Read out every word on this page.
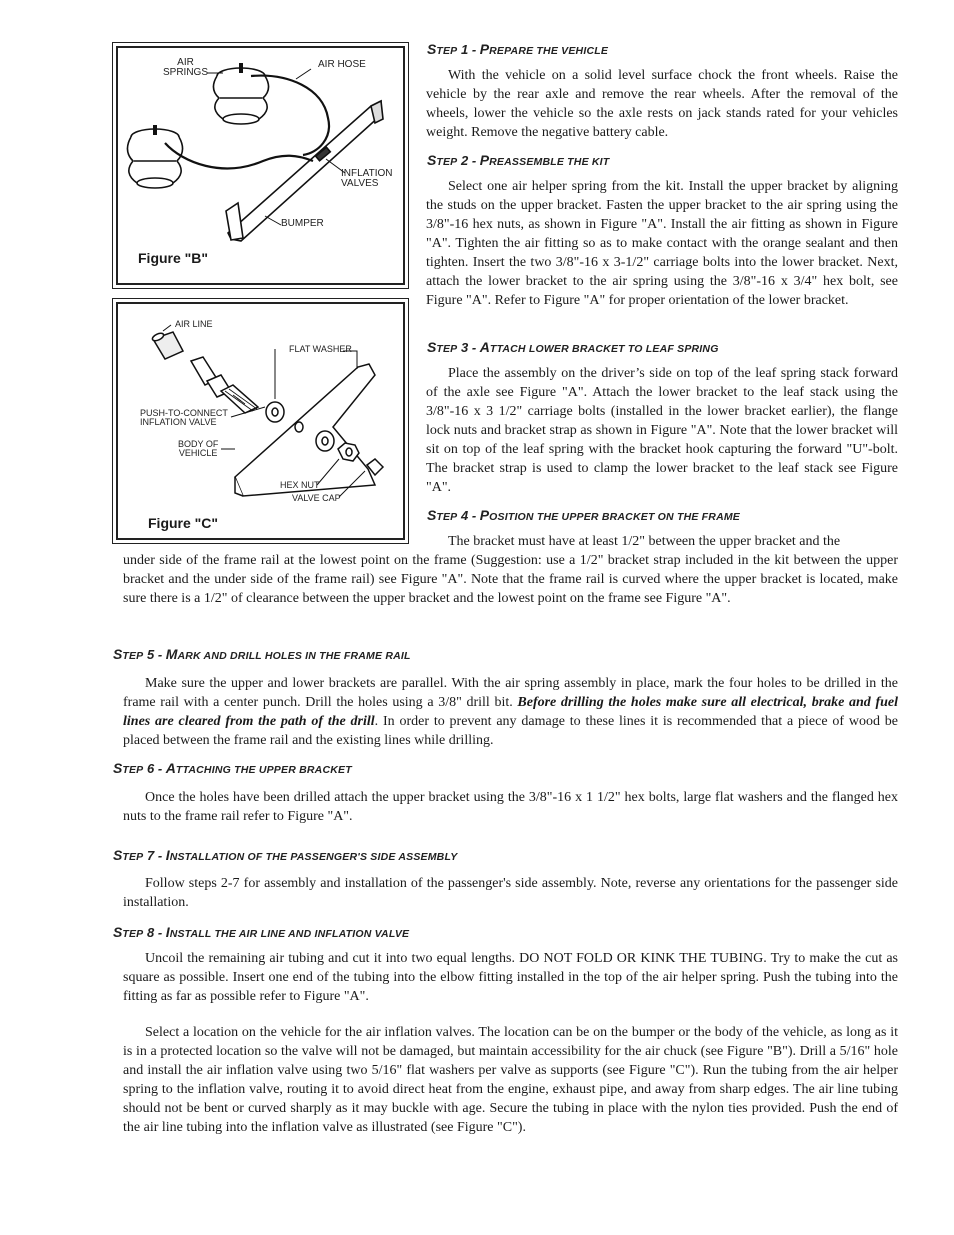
AIR
SPRINGS
AIR HOSE
INFLATION
VALVES
BUMPER
Figure "B"
AIR LINE
FLAT WASHER
PUSH-TO-CONNECT
INFLATION VALVE
BODY OF
VEHICLE
HEX NUT
VALVE CAP
Figure "C"
STEP 1 - PREPARE THE VEHICLE
With the vehicle on a solid level surface chock the front wheels. Raise the vehicle by the rear axle and remove the rear wheels. After the removal of the wheels, lower the vehicle so the axle rests on jack stands rated for your vehicles weight. Remove the negative battery cable.
STEP 2 - PREASSEMBLE THE KIT
Select one air helper spring from the kit. Install the upper bracket by aligning the studs on the upper bracket. Fasten the upper bracket to the air spring using the 3/8"-16 hex nuts, as shown in Figure "A". Install the air fitting as shown in Figure "A". Tighten the air fitting so as to make contact with the orange sealant and then tighten. Insert the two 3/8"-16 x 3-1/2" carriage bolts into the lower bracket. Next, attach the lower bracket to the air spring using the 3/8"-16 x 3/4" hex bolt, see Figure "A". Refer to Figure "A" for proper orientation of the lower bracket.
STEP 3 - ATTACH LOWER BRACKET TO LEAF SPRING
Place the assembly on the driver’s side on top of the leaf spring stack forward of the axle see Figure "A". Attach the lower bracket to the leaf stack using the 3/8"-16 x 3 1/2" carriage bolts (installed in the lower bracket earlier), the flange lock nuts and bracket strap as shown in Figure "A". Note that the lower bracket will sit on top of the leaf spring with the bracket hook capturing the forward "U"-bolt. The bracket strap is used to clamp the lower bracket to the leaf stack see Figure "A".
STEP 4 - POSITION THE UPPER BRACKET ON THE FRAME
The bracket must have at least 1/2" between the upper bracket and the
under side of the frame rail at the lowest point on the frame (Suggestion: use a 1/2" bracket strap included in the kit between the upper bracket and the under side of the frame rail) see Figure "A". Note that the frame rail is curved where the upper bracket is located, make sure there is a 1/2" of clearance between the upper bracket and the lowest point on the frame see Figure "A".
STEP 5 - MARK AND DRILL HOLES IN THE FRAME RAIL
Make sure the upper and lower brackets are parallel. With the air spring assembly in place, mark the four holes to be drilled in the frame rail with a center punch. Drill the holes using a 3/8" drill bit. Before drilling the holes make sure all electrical, brake and fuel lines are cleared from the path of the drill. In order to prevent any damage to these lines it is recommended that a piece of wood be placed between the frame rail and the existing lines while drilling.
STEP 6 - ATTACHING THE UPPER BRACKET
Once the holes have been drilled attach the upper bracket using the 3/8"-16 x 1 1/2" hex bolts, large flat washers and the flanged hex nuts to the frame rail refer to Figure "A".
STEP 7 - INSTALLATION OF THE PASSENGER'S SIDE ASSEMBLY
Follow steps 2-7 for assembly and installation of the passenger's side assembly. Note, reverse any orientations for the passenger side installation.
STEP 8 - INSTALL THE AIR LINE AND INFLATION VALVE
Uncoil the remaining air tubing and cut it into two equal lengths. DO NOT FOLD OR KINK THE TUBING. Try to make the cut as square as possible. Insert one end of the tubing into the elbow fitting installed in the top of the air helper spring. Push the tubing into the fitting as far as possible refer to Figure "A".
Select a location on the vehicle for the air inflation valves. The location can be on the bumper or the body of the vehicle, as long as it is in a protected location so the valve will not be damaged, but maintain accessibility for the air chuck (see Figure "B"). Drill a 5/16" hole and install the air inflation valve using two 5/16" flat washers per valve as supports (see Figure "C"). Run the tubing from the air helper spring to the inflation valve, routing it to avoid direct heat from the engine, exhaust pipe, and away from sharp edges. The air line tubing should not be bent or curved sharply as it may buckle with age. Secure the tubing in place with the nylon ties provided. Push the end of the air line tubing into the inflation valve as illustrated (see Figure "C").
